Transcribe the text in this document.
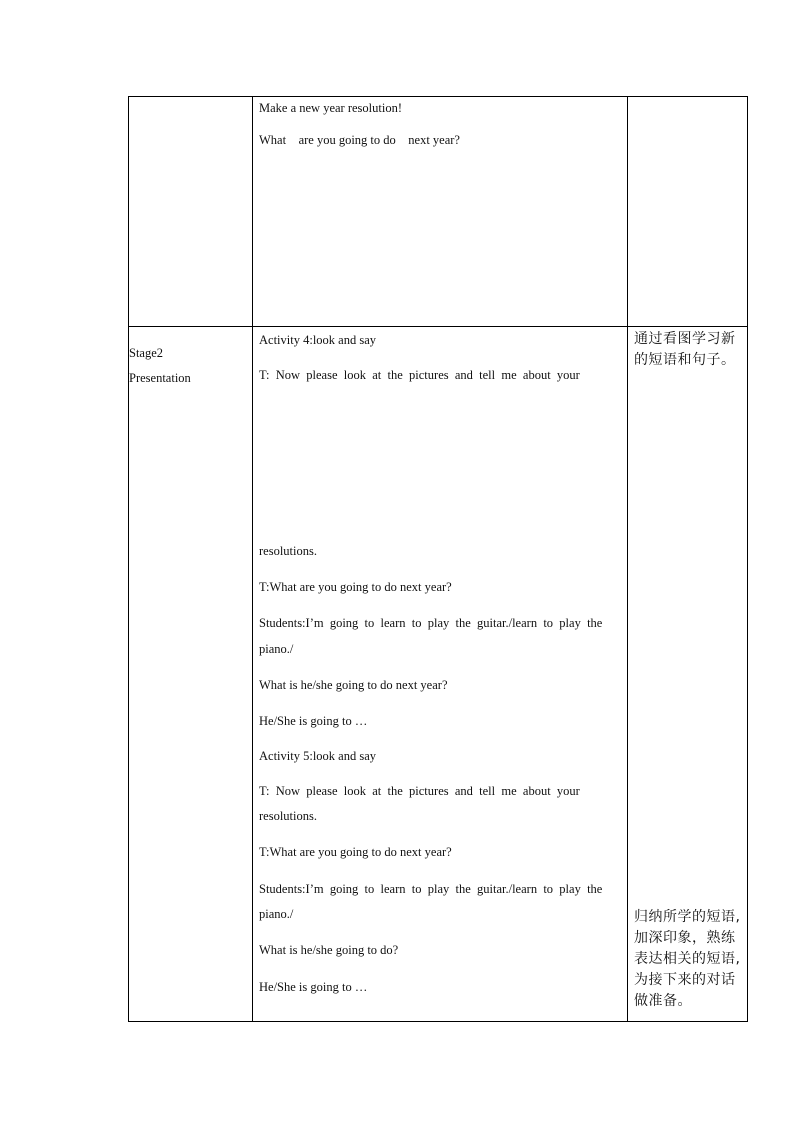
Make a new year resolution!
What    are you going to do    next year?
Stage2
Presentation
Activity 4:look and say
T:  Now  please  look  at  the  pictures  and  tell  me  about  your
resolutions.
T:What are you going to do next year?
Students:I’m  going  to  learn  to  play  the  guitar./learn  to  play  the
piano./
What is he/she going to do next year?
He/She is going to …
Activity 5:look and say
T:  Now  please  look  at  the  pictures  and  tell  me  about  your
resolutions.
T:What are you going to do next year?
Students:I’m  going  to  learn  to  play  the  guitar./learn  to  play  the
piano./
What is he/she going to do?
He/She is going to …
通过看图学习新的短语和句子。
归纳所学的短语,加深印象，熟练表达相关的短语,为接下来的对话做准备。
